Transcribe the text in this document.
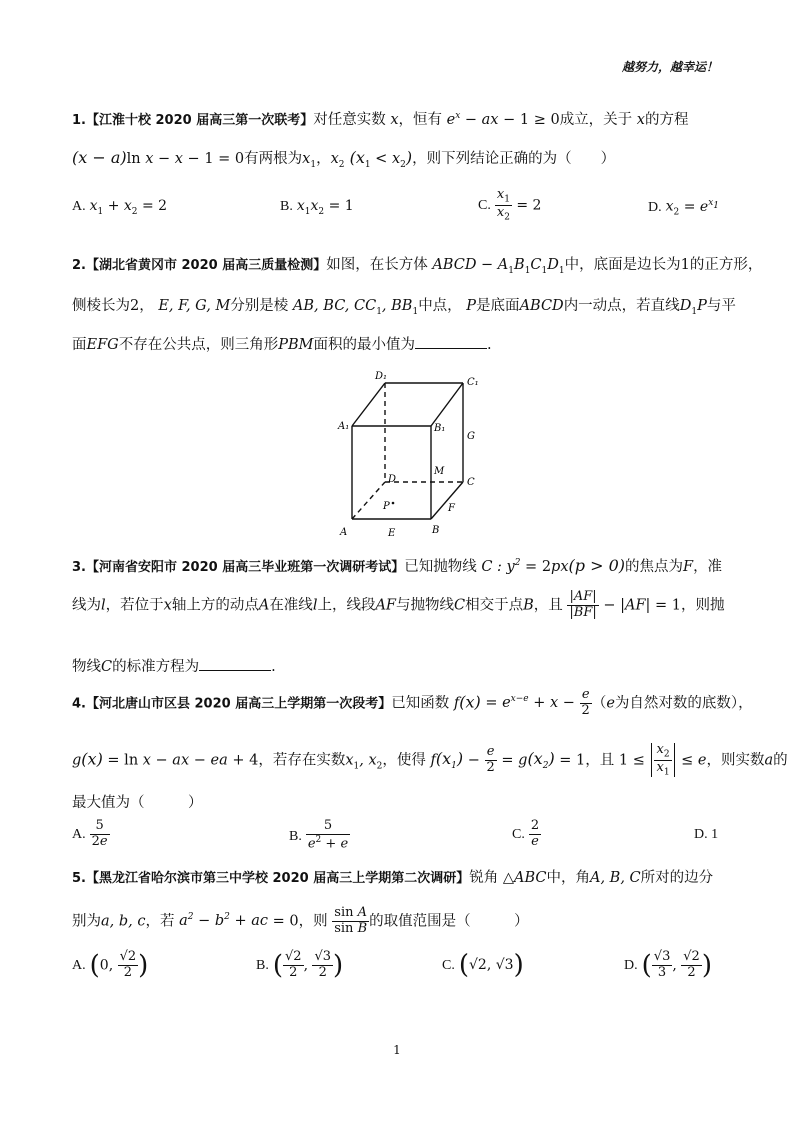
越努力，越幸运！
1.【江淮十校 2020 届高三第一次联考】对任意实数 x，恒有 $e^x$ − ax − 1 ≥ 0成立，关于 x的方程
(x − a)ln x − x − 1 = 0有两根为$x_1$，$x_2$ $(x_1 < x_2)$，则下列结论正确的为（　　）
A. $x_1 + x_2 = 2$	B. $x_1x_2 = 1$	C. $\frac{x_1}{x_2} = 2$	D. $x_2 = e^{x_1}$
2.【湖北省黄冈市 2020 届高三质量检测】如图，在长方体 ABCD − $A_1B_1C_1D_1$中，底面是边长为1的正方形，
侧棱长为2， E, F, G, M分别是棱 AB, BC, $CC_1$, $BB_1$中点， P是底面ABCD内一动点，若直线$D_1P$与平
面EFG不存在公共点，则三角形PBM面积的最小值为	.
D₁
C₁
A₁	B₁
G
D
M
C
P
A	E	B
F
3.【河南省安阳市 2020 届高三毕业班第一次调研考试】已知抛物线 C : $y^2 = 2px(p > 0)$的焦点为F，准
线为l，若位于x轴上方的动点A在准线l上，线段AF与抛物线C相交于点B，且 $\frac{|AF|}{|BF|} - |AF| = 1$，则抛
物线C的标准方程为	.
4.【河北唐山市区县 2020 届高三上学期第一次段考】已知函数 $f(x) = e^{x-e} + x - \frac{e}{2} (e$为自然对数的底数），
g(x) = ln x − ax − ea + 4，若存在实数$x_1$, $x_2$，使得 $f(x_1) - \frac{e}{2} = g(x_2) = 1$，且 $1 \le \frac{x_2}{x_1} \le e$，则实数a的
最大值为（　　　）
A. $\frac{5}{2e}$	B. $\frac{5}{e^2 + e}$	C. $\frac{2}{e}$	D. 1
5.【黑龙江省哈尔滨市第三中学校 2020 届高三上学期第二次调研】锐角 △ABC中，角A, B, C所对的边分
别为a, b, c，若 $a^2 - b^2$ + ac = 0，则 $\frac{\text{sin A}}{\text{sin B}}$ 的取值范围是（　　　）
A. (0, $\frac{√2}{2}$ )	B. ( $\frac{√2}{2}$ , $\frac{√3}{2}$ )	C. (√2, √3)	D. ( $\frac{√3}{3}$ , $\frac{√2}{2}$ )
1
